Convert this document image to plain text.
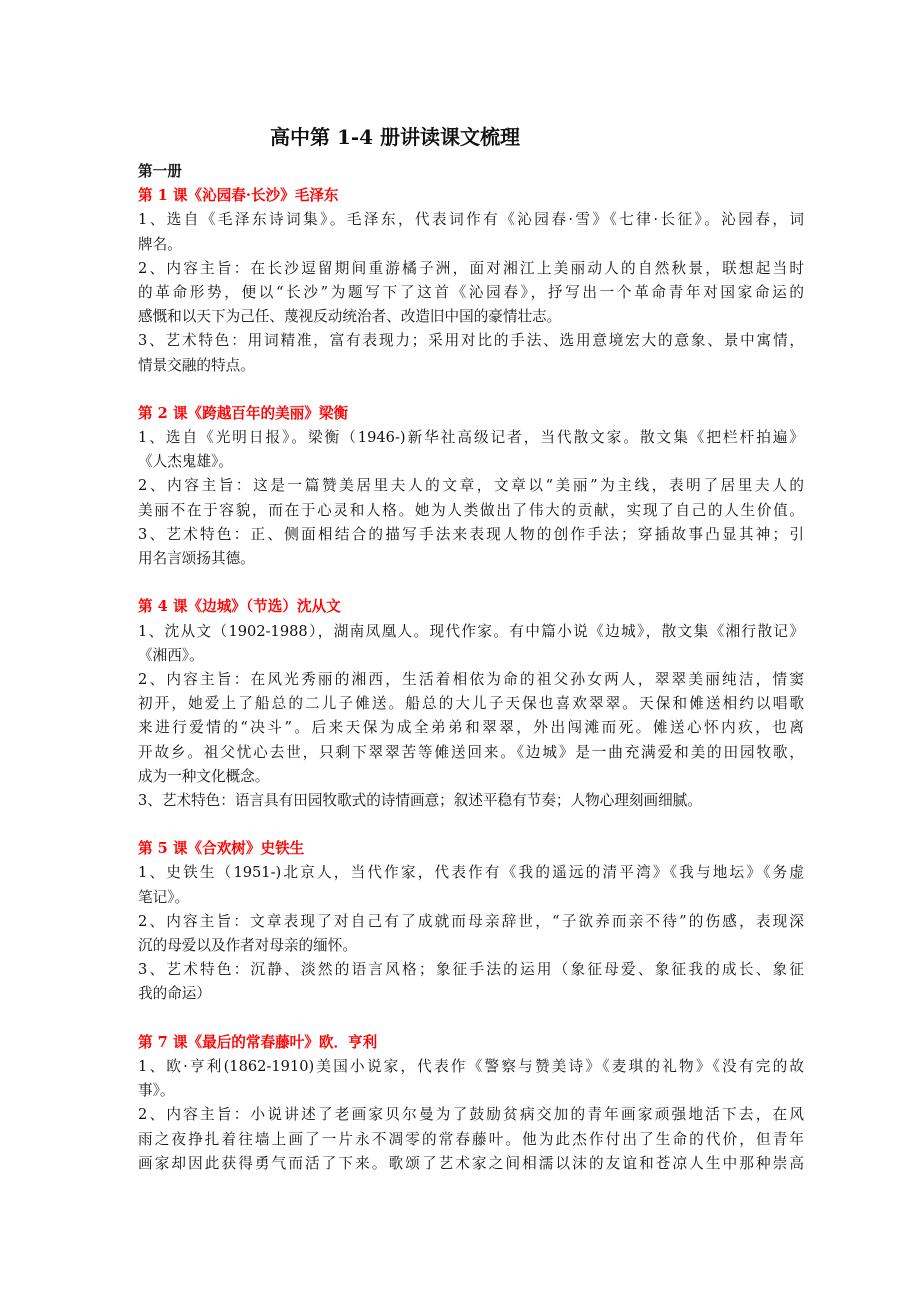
高中第 1-4 册讲读课文梳理
第一册
第 1 课《沁园春·长沙》毛泽东
1、选自《毛泽东诗词集》。毛泽东，代表词作有《沁园春·雪》《七律·长征》。沁园春，词
牌名。
2、内容主旨：在长沙逗留期间重游橘子洲，面对湘江上美丽动人的自然秋景，联想起当时
的革命形势，便以“长沙”为题写下了这首《沁园春》，抒写出一个革命青年对国家命运的
感慨和以天下为己任、蔑视反动统治者、改造旧中国的豪情壮志。
3、艺术特色：用词精准，富有表现力；采用对比的手法、选用意境宏大的意象、景中寓情，
情景交融的特点。
第 2 课《跨越百年的美丽》梁衡
1、选自《光明日报》。梁衡（1946-)新华社高级记者，当代散文家。散文集《把栏杆拍遍》
《人杰鬼雄》。
2、内容主旨：这是一篇赞美居里夫人的文章，文章以“美丽”为主线，表明了居里夫人的
美丽不在于容貌，而在于心灵和人格。她为人类做出了伟大的贡献，实现了自己的人生价值。
3、艺术特色：正、侧面相结合的描写手法来表现人物的创作手法；穿插故事凸显其神；引
用名言颂扬其德。
第 4 课《边城》（节选）沈从文
1、沈从文（1902-1988），湖南凤凰人。现代作家。有中篇小说《边城》，散文集《湘行散记》
《湘西》。
2、内容主旨：在风光秀丽的湘西，生活着相依为命的祖父孙女两人，翠翠美丽纯洁，情窦
初开，她爱上了船总的二儿子傩送。船总的大儿子天保也喜欢翠翠。天保和傩送相约以唱歌
来进行爱情的“决斗”。后来天保为成全弟弟和翠翠，外出闯滩而死。傩送心怀内疚，也离
开故乡。祖父忧心去世，只剩下翠翠苦等傩送回来。《边城》是一曲充满爱和美的田园牧歌，
成为一种文化概念。
3、艺术特色：语言具有田园牧歌式的诗情画意；叙述平稳有节奏；人物心理刻画细腻。
第 5 课《合欢树》史铁生
1、史铁生（1951-)北京人，当代作家，代表作有《我的遥远的清平湾》《我与地坛》《务虚
笔记》。
2、内容主旨：文章表现了对自己有了成就而母亲辞世，“子欲养而亲不待”的伤感，表现深
沉的母爱以及作者对母亲的缅怀。
3、艺术特色：沉静、淡然的语言风格；象征手法的运用（象征母爱、象征我的成长、象征
我的命运）
第 7 课《最后的常春藤叶》欧．亨利
1、欧·亨利(1862-1910)美国小说家，代表作《警察与赞美诗》《麦琪的礼物》《没有完的故
事》。
2、内容主旨：小说讲述了老画家贝尔曼为了鼓励贫病交加的青年画家顽强地活下去，在风
雨之夜挣扎着往墙上画了一片永不凋零的常春藤叶。他为此杰作付出了生命的代价，但青年
画家却因此获得勇气而活了下来。歌颂了艺术家之间相濡以沫的友谊和苍凉人生中那种崇高
